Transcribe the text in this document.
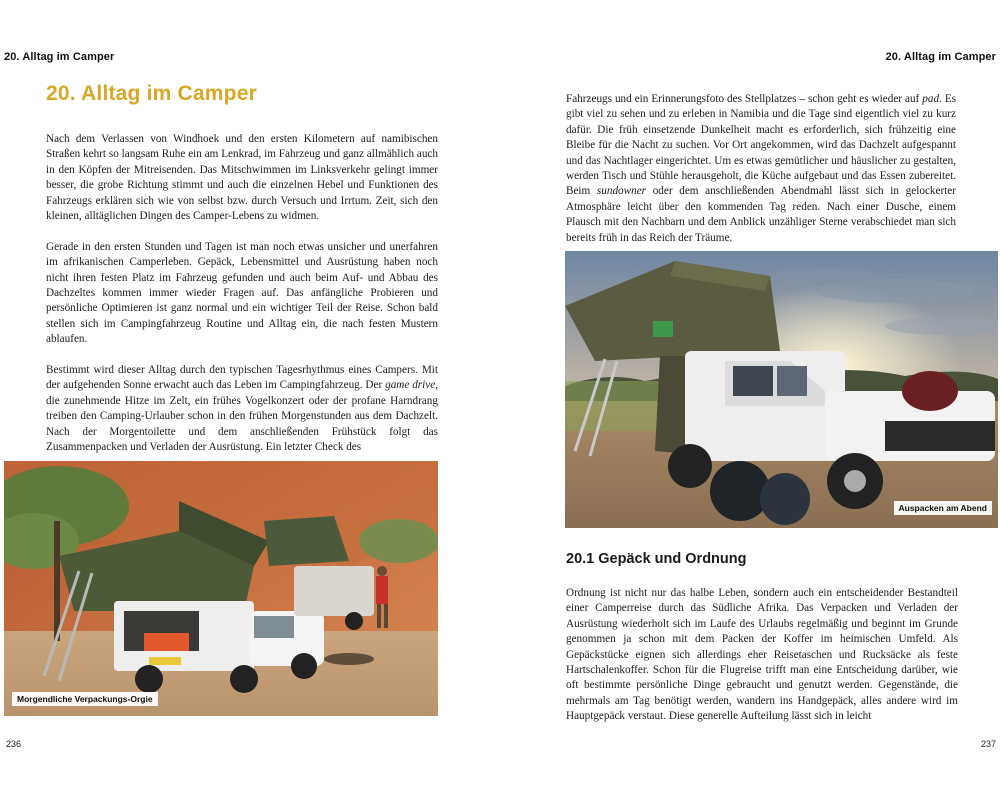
20. Alltag im Camper
20. Alltag im Camper

Nach dem Verlassen von Windhoek und den ersten Kilometern auf namibischen Straßen kehrt so langsam Ruhe ein am Lenkrad, im Fahrzeug und ganz allmählich auch in den Köpfen der Mitreisenden. Das Mitschwimmen im Linksverkehr gelingt immer besser, die grobe Richtung stimmt und auch die einzelnen Hebel und Funktionen des Fahrzeugs erklären sich wie von selbst bzw. durch Versuch und Irrtum. Zeit, sich den kleinen, alltäglichen Dingen des Camper-Lebens zu widmen.

Gerade in den ersten Stunden und Tagen ist man noch etwas unsicher und unerfahren im afrikanischen Camperleben. Gepäck, Lebensmittel und Ausrüstung haben noch nicht ihren festen Platz im Fahrzeug gefunden und auch beim Auf- und Abbau des Dachzeltes kommen immer wieder Fragen auf. Das anfängliche Probieren und persönliche Optimieren ist ganz normal und ein wichtiger Teil der Reise. Schon bald stellen sich im Campingfahrzeug Routine und Alltag ein, die nach festen Mustern ablaufen.

Bestimmt wird dieser Alltag durch den typischen Tagesrhythmus eines Campers. Mit der aufgehenden Sonne erwacht auch das Leben im Campingfahrzeug. Der game drive, die zunehmende Hitze im Zelt, ein frühes Vogelkonzert oder der profane Harndrang treiben den Camping-Urlauber schon in den frühen Morgenstunden aus dem Dachzelt. Nach der Morgentoilette und dem anschließenden Frühstück folgt das Zusammenpacken und Verladen der Ausrüstung. Ein letzter Check des

Morgendliche Verpackungs-Orgie
236
20. Alltag im Camper

Fahrzeugs und ein Erinnerungsfoto des Stellplatzes – schon geht es wieder auf pad. Es gibt viel zu sehen und zu erleben in Namibia und die Tage sind eigentlich viel zu kurz dafür. Die früh einsetzende Dunkelheit macht es erforderlich, sich frühzeitig eine Bleibe für die Nacht zu suchen. Vor Ort angekommen, wird das Dachzelt aufgespannt und das Nachtlager eingerichtet. Um es etwas gemütlicher und häuslicher zu gestalten, werden Tisch und Stühle herausgeholt, die Küche aufgebaut und das Essen zubereitet. Beim sundowner oder dem anschließenden Abendmahl lässt sich in gelockerter Atmosphäre leicht über den kommenden Tag reden. Nach einer Dusche, einem Plausch mit den Nachbarn und dem Anblick unzähliger Sterne verabschiedet man sich bereits früh in das Reich der Träume.

Auspacken am Abend
20.1 Gepäck und Ordnung

Ordnung ist nicht nur das halbe Leben, sondern auch ein entscheidender Bestandteil einer Camperreise durch das Südliche Afrika. Das Verpacken und Verladen der Ausrüstung wiederholt sich im Laufe des Urlaubs regelmäßig und beginnt im Grunde genommen ja schon mit dem Packen der Koffer im heimischen Umfeld. Als Gepäckstücke eignen sich allerdings eher Reisetaschen und Rucksäcke als feste Hartschalenkoffer. Schon für die Flugreise trifft man eine Entscheidung darüber, wie oft bestimmte persönliche Dinge gebraucht und genutzt werden. Gegenstände, die mehrmals am Tag benötigt werden, wandern ins Handgepäck, alles andere wird im Hauptgepäck verstaut. Diese generelle Aufteilung lässt sich in leicht

237
